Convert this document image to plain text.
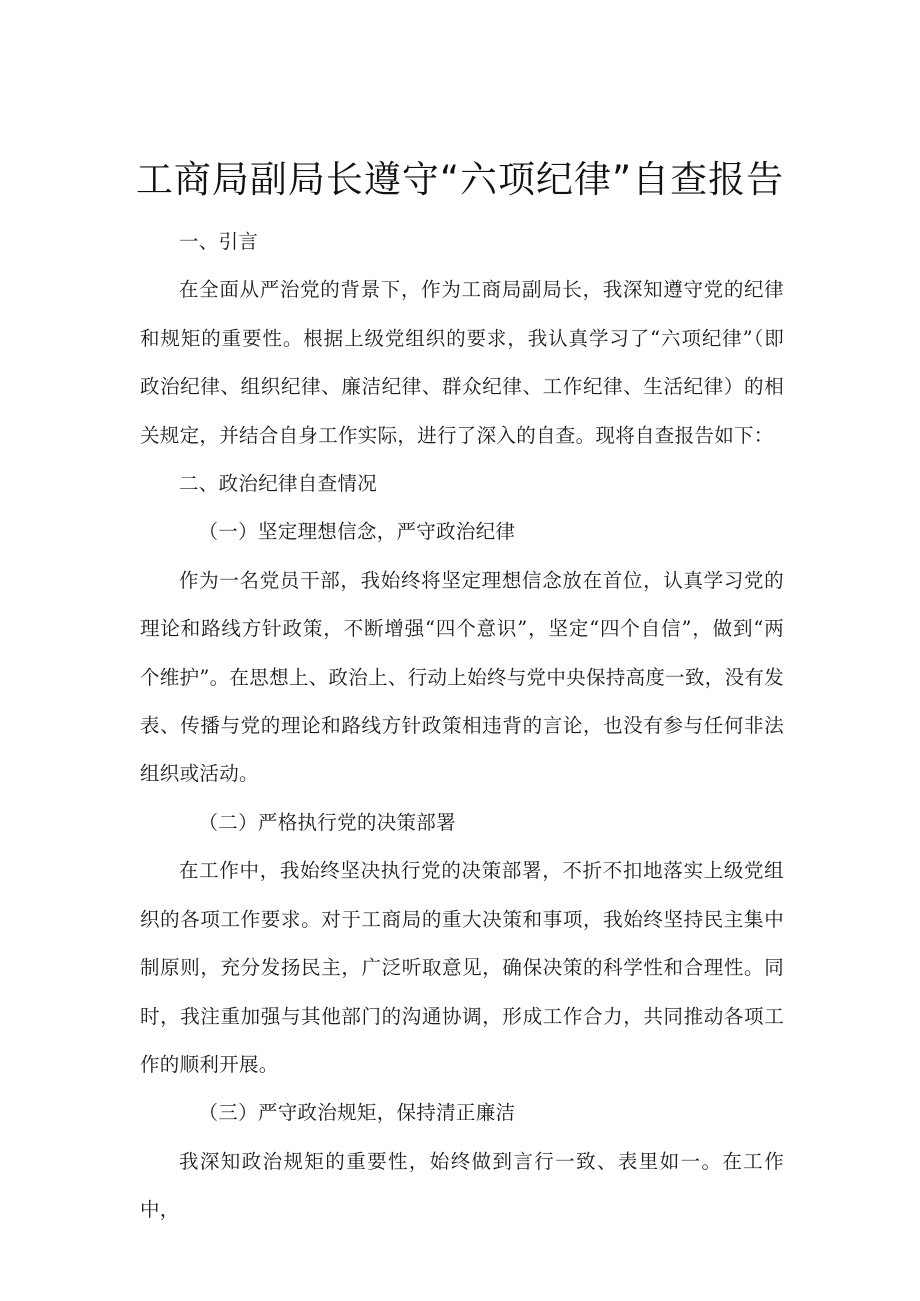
工商局副局长遵守“六项纪律”自查报告

一、引言

在全面从严治党的背景下，作为工商局副局长，我深知遵守党的纪律和规矩的重要性。根据上级党组织的要求，我认真学习了“六项纪律”（即政治纪律、组织纪律、廉洁纪律、群众纪律、工作纪律、生活纪律）的相关规定，并结合自身工作实际，进行了深入的自查。现将自查报告如下：

二、政治纪律自查情况

（一）坚定理想信念，严守政治纪律

作为一名党员干部，我始终将坚定理想信念放在首位，认真学习党的理论和路线方针政策，不断增强“四个意识”，坚定“四个自信”，做到“两个维护”。在思想上、政治上、行动上始终与党中央保持高度一致，没有发表、传播与党的理论和路线方针政策相违背的言论，也没有参与任何非法组织或活动。

（二）严格执行党的决策部署

在工作中，我始终坚决执行党的决策部署，不折不扣地落实上级党组织的各项工作要求。对于工商局的重大决策和事项，我始终坚持民主集中制原则，充分发扬民主，广泛听取意见，确保决策的科学性和合理性。同时，我注重加强与其他部门的沟通协调，形成工作合力，共同推动各项工作的顺利开展。

（三）严守政治规矩，保持清正廉洁

我深知政治规矩的重要性，始终做到言行一致、表里如一。在工作中，
